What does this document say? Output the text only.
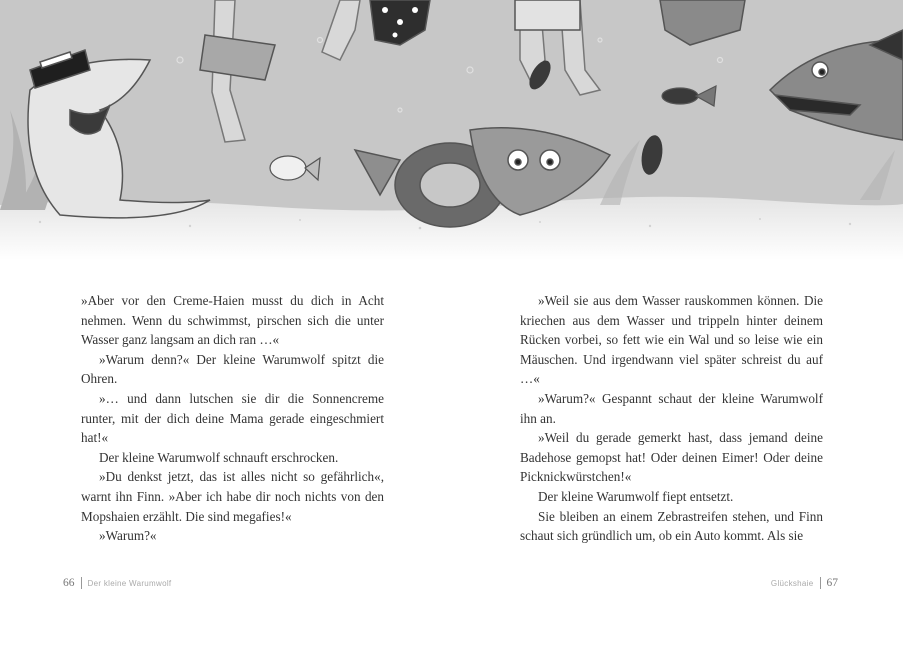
»Aber vor den Creme-Haien musst du dich in Acht nehmen. Wenn du schwimmst, pirschen sich die unter Wasser ganz langsam an dich ran …«

»Warum denn?« Der kleine Warumwolf spitzt die Ohren.

»… und dann lutschen sie dir die Sonnencreme runter, mit der dich deine Mama gerade eingeschmiert hat!«

Der kleine Warumwolf schnauft erschrocken.

»Du denkst jetzt, das ist alles nicht so gefährlich«, warnt ihn Finn. »Aber ich habe dir noch nichts von den Mopshaien erzählt. Die sind megafies!«

»Warum?«

»Weil sie aus dem Wasser rauskommen können. Die kriechen aus dem Wasser und trippeln hinter deinem Rücken vorbei, so fett wie ein Wal und so leise wie ein Mäuschen. Und irgendwann viel später schreist du auf …«

»Warum?« Gespannt schaut der kleine Warumwolf ihn an.

»Weil du gerade gemerkt hast, dass jemand deine Badehose gemopst hat! Oder deinen Eimer! Oder deine Picknickwürstchen!«

Der kleine Warumwolf fiept entsetzt.

Sie bleiben an einem Zebrastreifen stehen, und Finn schaut sich gründlich um, ob ein Auto kommt. Als sie

66 Der kleine Warumwolf	Glückshaie 67
